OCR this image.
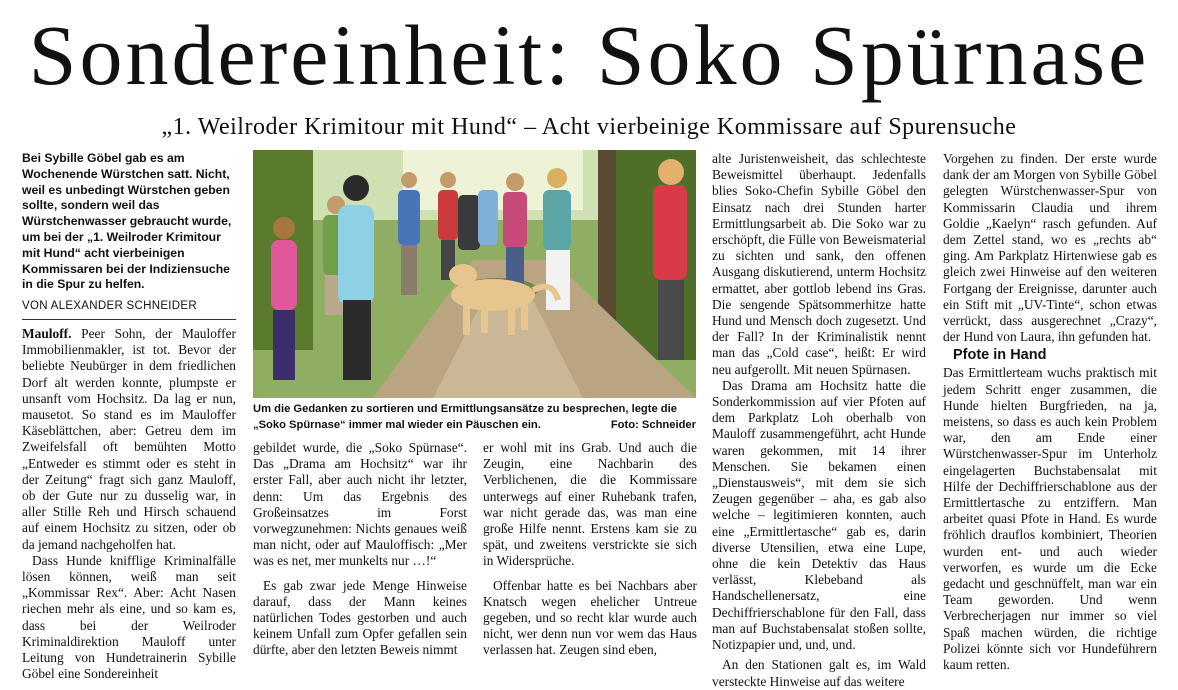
Sondereinheit: Soko Spürnase
„1. Weilroder Krimitour mit Hund“ – Acht vierbeinige Kommissare auf Spurensuche

Bei Sybille Göbel gab es am Wochenende Würstchen satt. Nicht, weil es unbedingt Würstchen geben sollte, sondern weil das Würstchenwasser gebraucht wurde, um bei der „1. Weilroder Krimitour mit Hund“ acht vierbeinigen Kommissaren bei der Indiziensuche in die Spur zu helfen.

VON ALEXANDER SCHNEIDER

Mauloff. Peer Sohn, der Mauloffer Immobilienmakler, ist tot. Bevor der beliebte Neubürger in dem friedlichen Dorf alt werden konnte, plumpste er unsanft vom Hochsitz. Da lag er nun, mausetot. So stand es im Mauloffer Käseblättchen, aber: Getreu dem im Zweifelsfall oft bemühten Motto „Entweder es stimmt oder es steht in der Zeitung“ fragt sich ganz Mauloff, ob der Gute nur zu dusselig war, in aller Stille Reh und Hirsch schauend auf einem Hochsitz zu sitzen, oder ob da jemand nachgeholfen hat.

Dass Hunde knifflige Kriminalfälle lösen können, weiß man seit „Kommissar Rex“. Aber: Acht Nasen riechen mehr als eine, und so kam es, dass bei der Weilroder Kriminaldirektion Mauloff unter Leitung von Hundetrainerin Sybille Göbel eine Sondereinheit

Um die Gedanken zu sortieren und Ermittlungsansätze zu besprechen, legte die „Soko Spürnase“ immer mal wieder ein Päuschen ein.	Foto: Schneider

gebildet wurde, die „Soko Spürnase“. Das „Drama am Hochsitz“ war ihr erster Fall, aber auch nicht ihr letzter, denn: Um das Ergebnis des Großeinsatzes im Forst vorwegzunehmen: Nichts genaues weiß man nicht, oder auf Mauloffisch: „Mer was es net, mer munkelts nur …!“

Es gab zwar jede Menge Hinweise darauf, dass der Mann keines natürlichen Todes gestorben und auch keinem Unfall zum Opfer gefallen sein dürfte, aber den letzten Beweis nimmt

er wohl mit ins Grab. Und auch die Zeugin, eine Nachbarin des Verblichenen, die die Kommissare unterwegs auf einer Ruhebank trafen, war nicht gerade das, was man eine große Hilfe nennt. Erstens kam sie zu spät, und zweitens verstrickte sie sich in Widersprüche.

Offenbar hatte es bei Nachbars aber Knatsch wegen ehelicher Untreue gegeben, und so recht klar wurde auch nicht, wer denn nun vor wem das Haus verlassen hat. Zeugen sind eben,

alte Juristenweisheit, das schlechteste Beweismittel überhaupt. Jedenfalls blies Soko-Chefin Sybille Göbel den Einsatz nach drei Stunden harter Ermittlungsarbeit ab. Die Soko war zu erschöpft, die Fülle von Beweismaterial zu sichten und sank, den offenen Ausgang diskutierend, unterm Hochsitz ermattet, aber gottlob lebend ins Gras. Die sengende Spätsommerhitze hatte Hund und Mensch doch zugesetzt. Und der Fall? In der Kriminalistik nennt man das „Cold case“, heißt: Er wird neu aufgerollt. Mit neuen Spürnasen.

Das Drama am Hochsitz hatte die Sonderkommission auf vier Pfoten auf dem Parkplatz Loh oberhalb von Mauloff zusammengeführt, acht Hunde waren gekommen, mit 14 ihrer Menschen. Sie bekamen einen „Dienstausweis“, mit dem sie sich Zeugen gegenüber – aha, es gab also welche – legitimieren konnten, auch eine „Ermittlertasche“ gab es, darin diverse Utensilien, etwa eine Lupe, ohne die kein Detektiv das Haus verlässt, Klebeband als Handschellenersatz, eine Dechiffrierschablone für den Fall, dass man auf Buchstabensalat stoßen sollte, Notizpapier und, und, und.

An den Stationen galt es, im Wald versteckte Hinweise auf das weitere

Vorgehen zu finden. Der erste wurde dank der am Morgen von Sybille Göbel gelegten Würstchenwasser-Spur von Kommissarin Claudia und ihrem Goldie „Kaelyn“ rasch gefunden. Auf dem Zettel stand, wo es „rechts ab“ ging. Am Parkplatz Hirtenwiese gab es gleich zwei Hinweise auf den weiteren Fortgang der Ereignisse, darunter auch ein Stift mit „UV-Tinte“, schon etwas verrückt, dass ausgerechnet „Crazy“, der Hund von Laura, ihn gefunden hat.

Pfote in Hand

Das Ermittlerteam wuchs praktisch mit jedem Schritt enger zusammen, die Hunde hielten Burgfrieden, na ja, meistens, so dass es auch kein Problem war, den am Ende einer Würstchenwasser-Spur im Unterholz eingelagerten Buchstabensalat mit Hilfe der Dechiffrierschablone aus der Ermittlertasche zu entziffern. Man arbeitet quasi Pfote in Hand. Es wurde fröhlich drauflos kombiniert, Theorien wurden ent- und auch wieder verworfen, es wurde um die Ecke gedacht und geschnüffelt, man war ein Team geworden. Und wenn Verbrecherjagen nur immer so viel Spaß machen würden, die richtige Polizei könnte sich vor Hundeführern kaum retten.
